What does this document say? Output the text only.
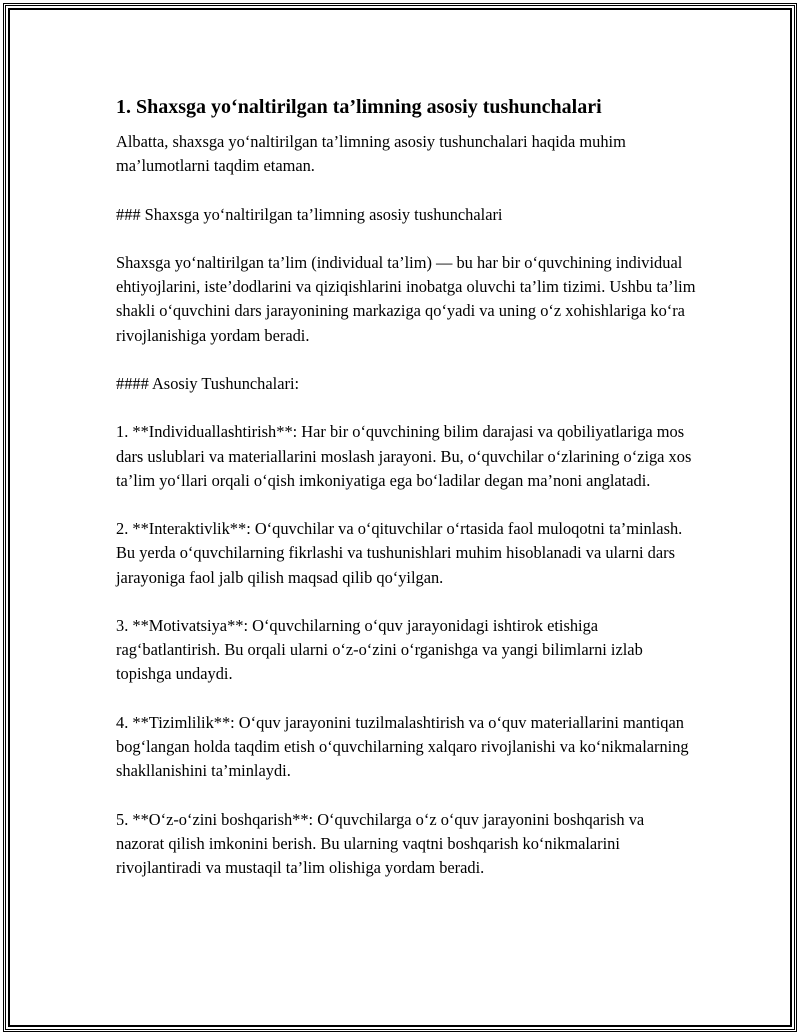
1. Shaxsga yo‘naltirilgan ta’limning asosiy tushunchalari

Albatta, shaxsga yo‘naltirilgan ta’limning asosiy tushunchalari haqida muhim ma’lumotlarni taqdim etaman.

### Shaxsga yo‘naltirilgan ta’limning asosiy tushunchalari

Shaxsga yo‘naltirilgan ta’lim (individual ta’lim) — bu har bir o‘quvchining individual ehtiyojlarini, iste’dodlarini va qiziqishlarini inobatga oluvchi ta’lim tizimi. Ushbu ta’lim shakli o‘quvchini dars jarayonining markaziga qo‘yadi va uning o‘z xohishlariga ko‘ra rivojlanishiga yordam beradi.

#### Asosiy Tushunchalari:

1. **Individuallashtirish**: Har bir o‘quvchining bilim darajasi va qobiliyatlariga mos dars uslublari va materiallarini moslash jarayoni. Bu, o‘quvchilar o‘zlarining o‘ziga xos ta’lim yo‘llari orqali o‘qish imkoniyatiga ega bo‘ladilar degan ma’noni anglatadi.

2. **Interaktivlik**: O‘quvchilar va o‘qituvchilar o‘rtasida faol muloqotni ta’minlash. Bu yerda o‘quvchilarning fikrlashi va tushunishlari muhim hisoblanadi va ularni dars jarayoniga faol jalb qilish maqsad qilib qo‘yilgan.

3. **Motivatsiya**: O‘quvchilarning o‘quv jarayonidagi ishtirok etishiga rag‘batlantirish. Bu orqali ularni o‘z-o‘zini o‘rganishga va yangi bilimlarni izlab topishga undaydi.

4. **Tizimlilik**: O‘quv jarayonini tuzilmalashtirish va o‘quv materiallarini mantiqan bog‘langan holda taqdim etish o‘quvchilarning xalqaro rivojlanishi va ko‘nikmalarning shakllanishini ta’minlaydi.

5. **O‘z-o‘zini boshqarish**: O‘quvchilarga o‘z o‘quv jarayonini boshqarish va nazorat qilish imkonini berish. Bu ularning vaqtni boshqarish ko‘nikmalarini rivojlantiradi va mustaqil ta’lim olishiga yordam beradi.
